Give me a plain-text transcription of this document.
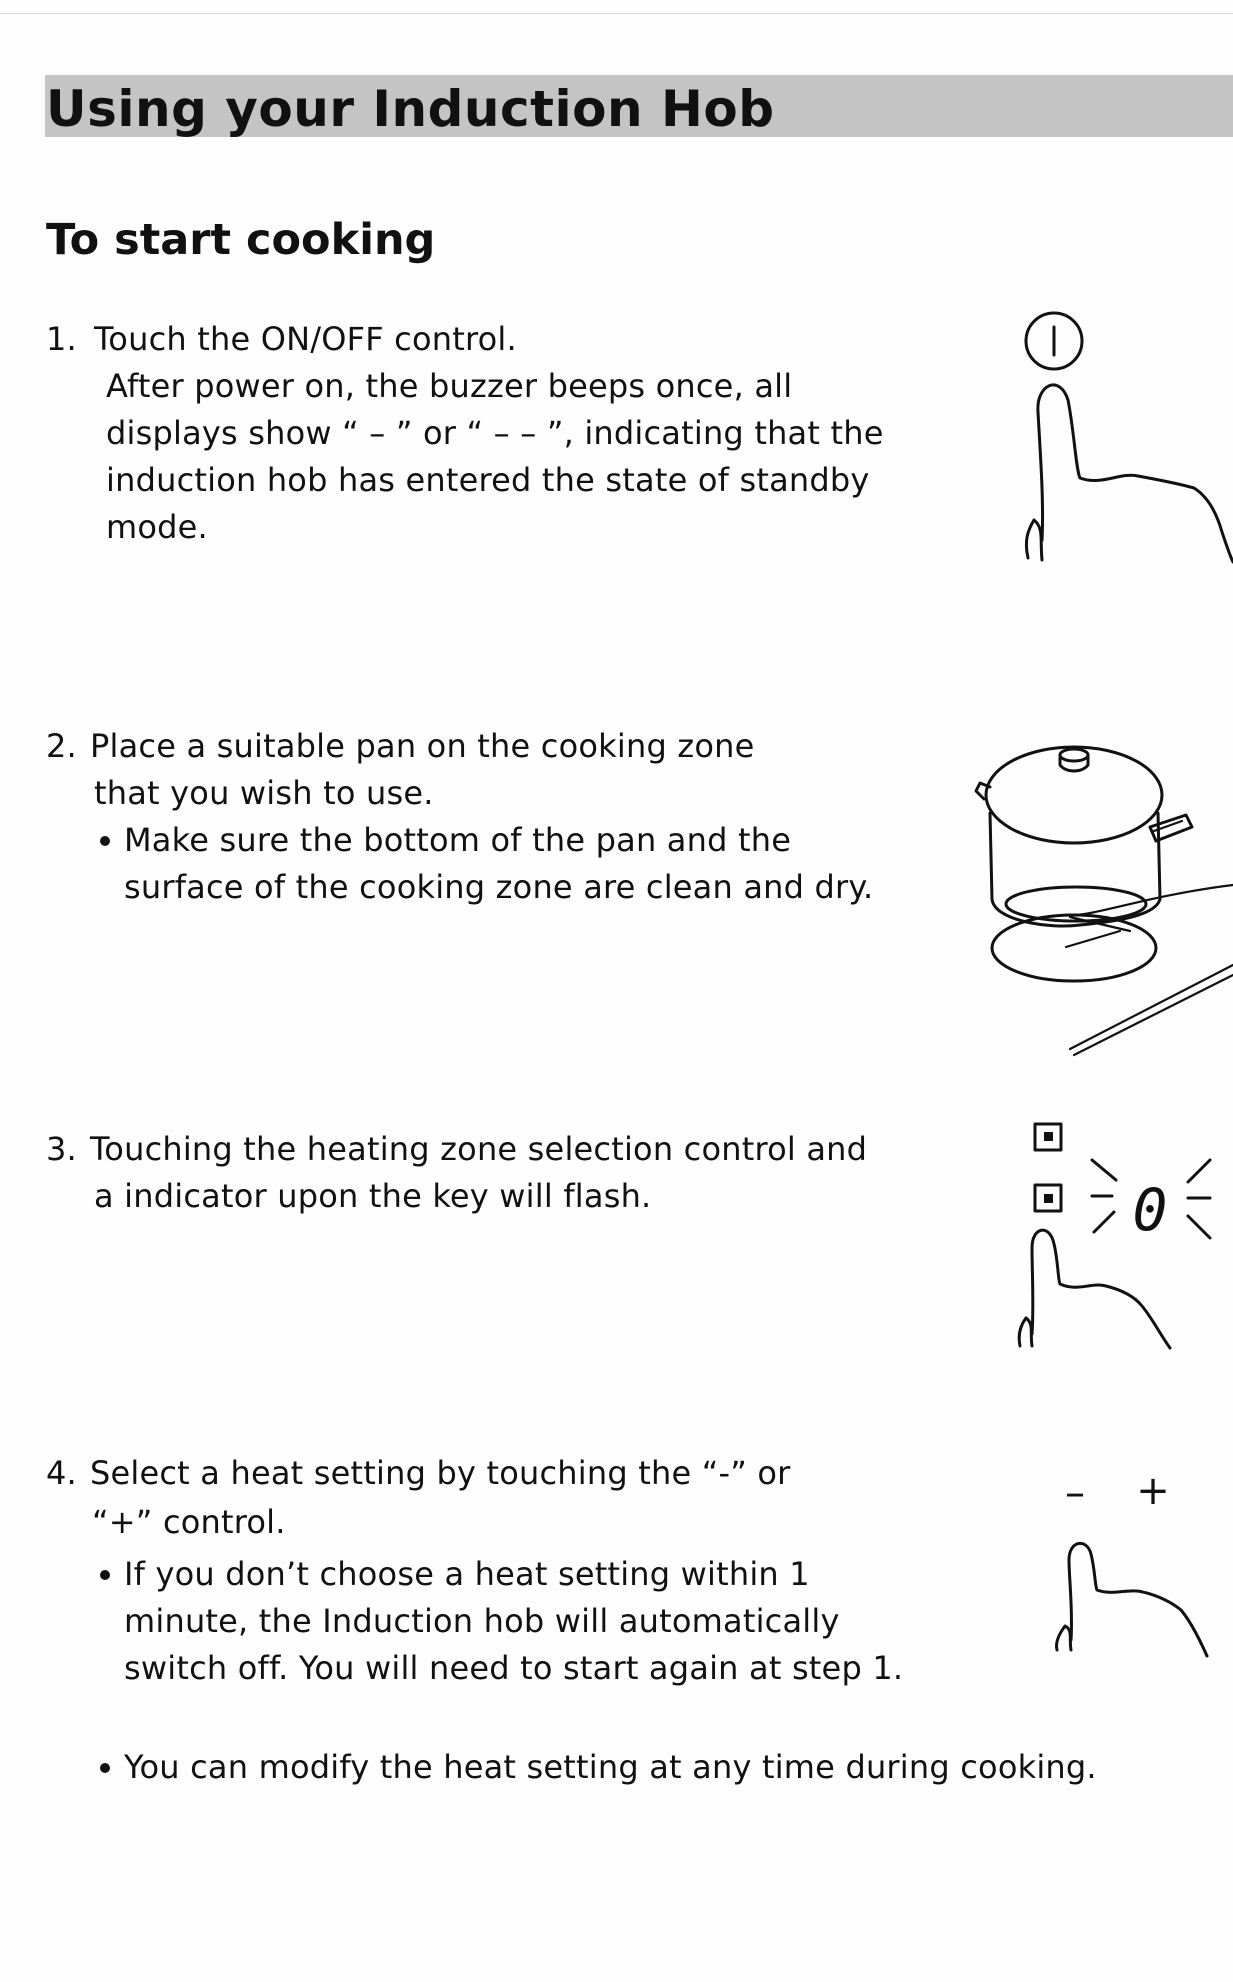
Using your Induction Hob
To start cooking
1. Touch the ON/OFF control.
After power on, the buzzer beeps once, all
displays show “ – ” or “ – – ”, indicating that the
induction hob has entered the state of standby
mode.
2. Place a suitable pan on the cooking zone
that you wish to use.
Make sure the bottom of the pan and the
surface of the cooking zone are clean and dry.
3. Touching the heating zone selection control and
a indicator upon the key will flash.	0
4. Select a heat setting by touching the “-” or
“+” control.
If you don’t choose a heat setting within 1
minute, the Induction hob will automatically
switch off. You will need to start again at step 1.
– +
You can modify the heat setting at any time during cooking.
